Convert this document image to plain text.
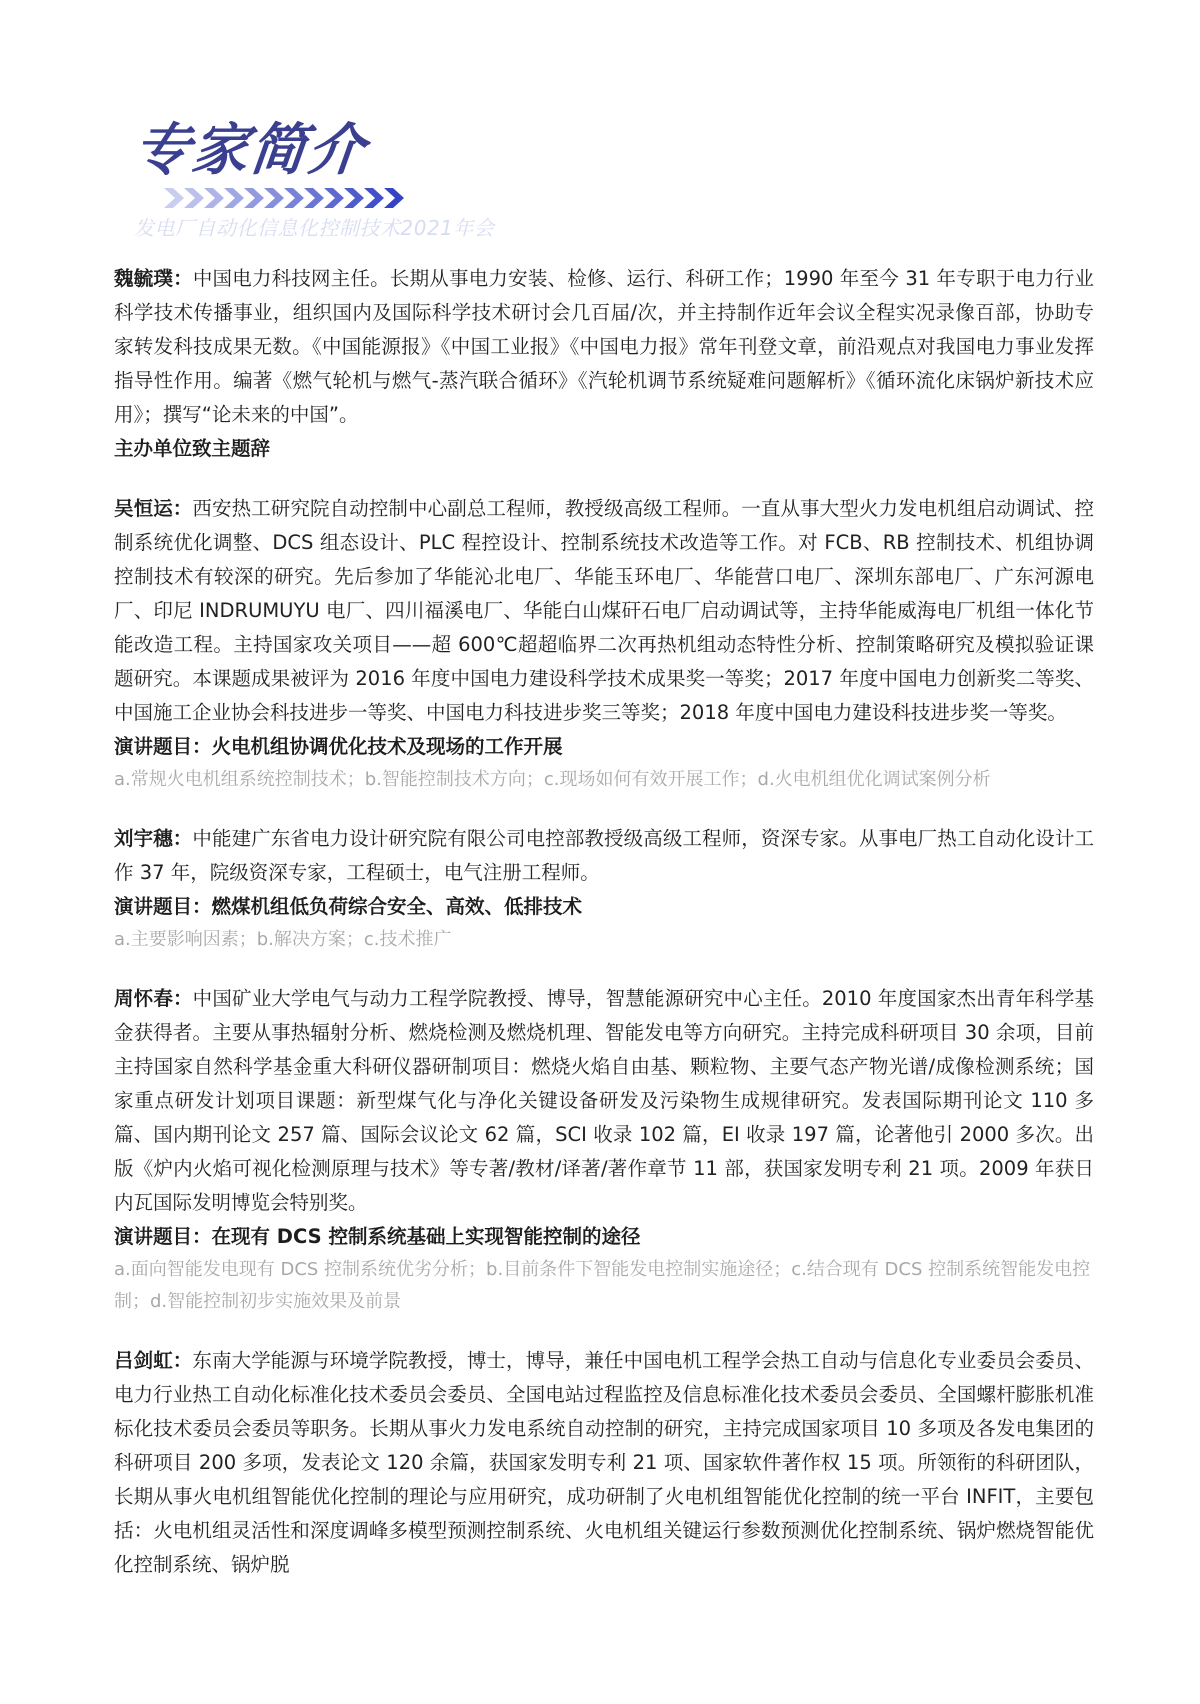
专家简介
发电厂自动化信息化控制技术2021年会

魏毓璞：中国电力科技网主任。长期从事电力安装、检修、运行、科研工作；1990 年至今 31 年专职于电力行业科学技术传播事业，组织国内及国际科学技术研讨会几百届/次，并主持制作近年会议全程实况录像百部，协助专家转发科技成果无数。《中国能源报》《中国工业报》《中国电力报》常年刊登文章，前沿观点对我国电力事业发挥指导性作用。编著《燃气轮机与燃气-蒸汽联合循环》《汽轮机调节系统疑难问题解析》《循环流化床锅炉新技术应用》；撰写“论未来的中国”。

主办单位致主题辞

吴恒运：西安热工研究院自动控制中心副总工程师，教授级高级工程师。一直从事大型火力发电机组启动调试、控制系统优化调整、DCS 组态设计、PLC 程控设计、控制系统技术改造等工作。对 FCB、RB 控制技术、机组协调控制技术有较深的研究。先后参加了华能沁北电厂、华能玉环电厂、华能营口电厂、深圳东部电厂、广东河源电厂、印尼 INDRUMUYU 电厂、四川福溪电厂、华能白山煤矸石电厂启动调试等，主持华能威海电厂机组一体化节能改造工程。主持国家攻关项目——超 600℃超超临界二次再热机组动态特性分析、控制策略研究及模拟验证课题研究。本课题成果被评为 2016 年度中国电力建设科学技术成果奖一等奖；2017 年度中国电力创新奖二等奖、中国施工企业协会科技进步一等奖、中国电力科技进步奖三等奖；2018 年度中国电力建设科技进步奖一等奖。

演讲题目：火电机组协调优化技术及现场的工作开展

a.常规火电机组系统控制技术；b.智能控制技术方向；c.现场如何有效开展工作；d.火电机组优化调试案例分析

刘宇穗：中能建广东省电力设计研究院有限公司电控部教授级高级工程师，资深专家。从事电厂热工自动化设计工作 37 年，院级资深专家，工程硕士，电气注册工程师。

演讲题目：燃煤机组低负荷综合安全、高效、低排技术

a.主要影响因素；b.解决方案；c.技术推广

周怀春：中国矿业大学电气与动力工程学院教授、博导，智慧能源研究中心主任。2010 年度国家杰出青年科学基金获得者。主要从事热辐射分析、燃烧检测及燃烧机理、智能发电等方向研究。主持完成科研项目 30 余项，目前主持国家自然科学基金重大科研仪器研制项目：燃烧火焰自由基、颗粒物、主要气态产物光谱/成像检测系统；国家重点研发计划项目课题：新型煤气化与净化关键设备研发及污染物生成规律研究。发表国际期刊论文 110 多篇、国内期刊论文 257 篇、国际会议论文 62 篇，SCI 收录 102 篇，EI 收录 197 篇，论著他引 2000 多次。出版《炉内火焰可视化检测原理与技术》等专著/教材/译著/著作章节 11 部，获国家发明专利 21 项。2009 年获日内瓦国际发明博览会特别奖。

演讲题目：在现有 DCS 控制系统基础上实现智能控制的途径

a.面向智能发电现有 DCS 控制系统优劣分析；b.目前条件下智能发电控制实施途径；c.结合现有 DCS 控制系统智能发电控制；d.智能控制初步实施效果及前景

吕剑虹：东南大学能源与环境学院教授，博士，博导，兼任中国电机工程学会热工自动与信息化专业委员会委员、电力行业热工自动化标准化技术委员会委员、全国电站过程监控及信息标准化技术委员会委员、全国螺杆膨胀机准标化技术委员会委员等职务。长期从事火力发电系统自动控制的研究，主持完成国家项目 10 多项及各发电集团的科研项目 200 多项，发表论文 120 余篇，获国家发明专利 21 项、国家软件著作权 15 项。所领衔的科研团队，长期从事火电机组智能优化控制的理论与应用研究，成功研制了火电机组智能优化控制的统一平台 INFIT，主要包括：火电机组灵活性和深度调峰多模型预测控制系统、火电机组关键运行参数预测优化控制系统、锅炉燃烧智能优化控制系统、锅炉脱
